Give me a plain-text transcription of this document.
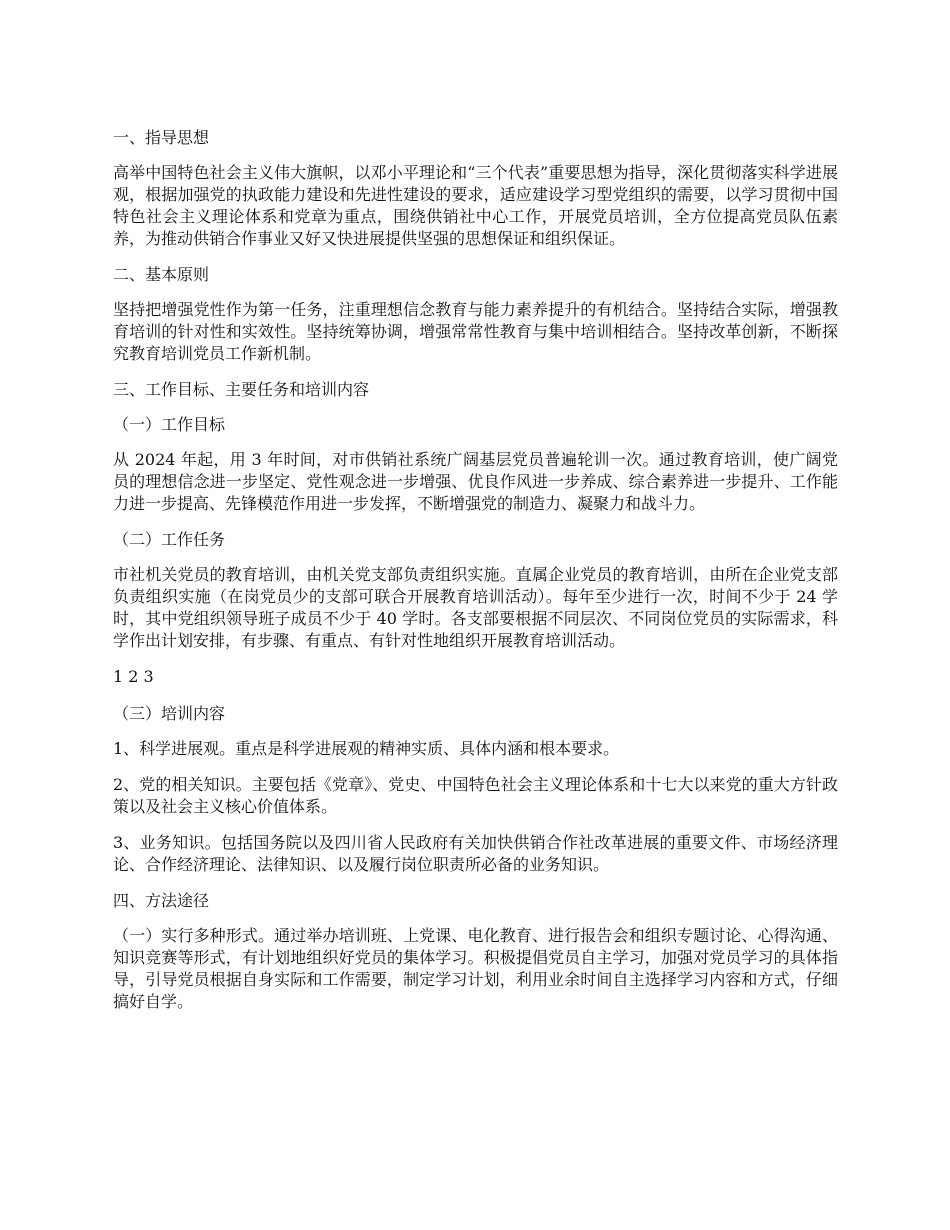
一、指导思想
高举中国特色社会主义伟大旗帜，以邓小平理论和“三个代表”重要思想为指导，深化贯彻落实科学进展观，根据加强党的执政能力建设和先进性建设的要求，适应建设学习型党组织的需要，以学习贯彻中国特色社会主义理论体系和党章为重点，围绕供销社中心工作，开展党员培训，全方位提高党员队伍素养，为推动供销合作事业又好又快进展提供坚强的思想保证和组织保证。
二、基本原则
坚持把增强党性作为第一任务，注重理想信念教育与能力素养提升的有机结合。坚持结合实际，增强教育培训的针对性和实效性。坚持统筹协调，增强常常性教育与集中培训相结合。坚持改革创新，不断探究教育培训党员工作新机制。
三、工作目标、主要任务和培训内容
（一）工作目标
从 2024 年起，用 3 年时间，对市供销社系统广阔基层党员普遍轮训一次。通过教育培训，使广阔党员的理想信念进一步坚定、党性观念进一步增强、优良作风进一步养成、综合素养进一步提升、工作能力进一步提高、先锋模范作用进一步发挥，不断增强党的制造力、凝聚力和战斗力。
（二）工作任务
市社机关党员的教育培训，由机关党支部负责组织实施。直属企业党员的教育培训，由所在企业党支部负责组织实施（在岗党员少的支部可联合开展教育培训活动）。每年至少进行一次，时间不少于 24 学时，其中党组织领导班子成员不少于 40 学时。各支部要根据不同层次、不同岗位党员的实际需求，科学作出计划安排，有步骤、有重点、有针对性地组织开展教育培训活动。
1 2 3
（三）培训内容
1、科学进展观。重点是科学进展观的精神实质、具体内涵和根本要求。
2、党的相关知识。主要包括《党章》、党史、中国特色社会主义理论体系和十七大以来党的重大方针政策以及社会主义核心价值体系。
3、业务知识。包括国务院以及四川省人民政府有关加快供销合作社改革进展的重要文件、市场经济理论、合作经济理论、法律知识、以及履行岗位职责所必备的业务知识。
四、方法途径
（一）实行多种形式。通过举办培训班、上党课、电化教育、进行报告会和组织专题讨论、心得沟通、知识竞赛等形式，有计划地组织好党员的集体学习。积极提倡党员自主学习，加强对党员学习的具体指导，引导党员根据自身实际和工作需要，制定学习计划，利用业余时间自主选择学习内容和方式，仔细搞好自学。
